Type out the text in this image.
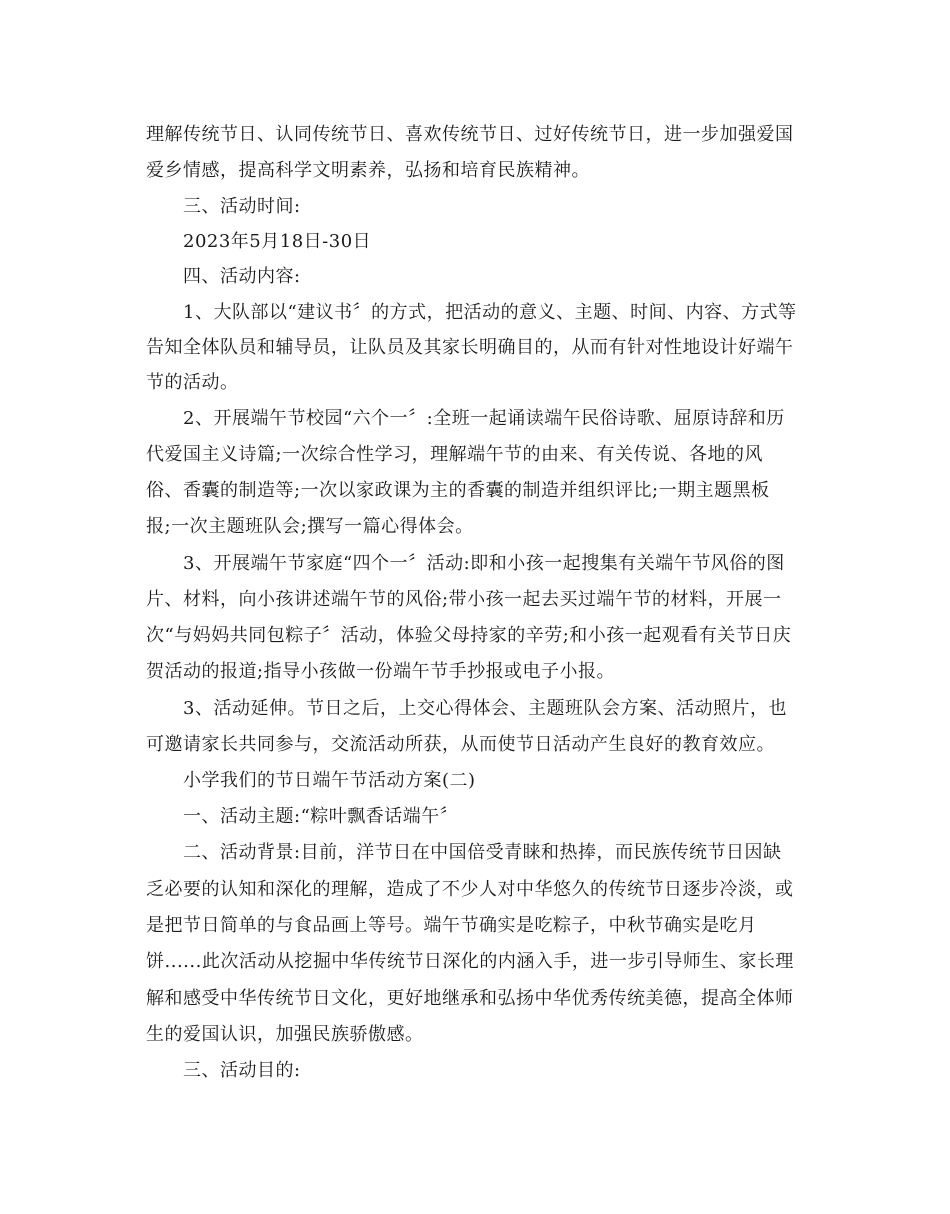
理解传统节日、认同传统节日、喜欢传统节日、过好传统节日，进一步加强爱国
爱乡情感，提高科学文明素养，弘扬和培育民族精神。
三、活动时间:
2023年5月18日-30日
四、活动内容:
1、大队部以“建议书〞的方式，把活动的意义、主题、时间、内容、方式等
告知全体队员和辅导员，让队员及其家长明确目的，从而有针对性地设计好端午
节的活动。
2、开展端午节校园“六个一〞:全班一起诵读端午民俗诗歌、屈原诗辞和历
代爱国主义诗篇;一次综合性学习，理解端午节的由来、有关传说、各地的风
俗、香囊的制造等;一次以家政课为主的香囊的制造并组织评比;一期主题黑板
报;一次主题班队会;撰写一篇心得体会。
3、开展端午节家庭“四个一〞活动:即和小孩一起搜集有关端午节风俗的图
片、材料，向小孩讲述端午节的风俗;带小孩一起去买过端午节的材料，开展一
次“与妈妈共同包粽子〞活动，体验父母持家的辛劳;和小孩一起观看有关节日庆
贺活动的报道;指导小孩做一份端午节手抄报或电子小报。
3、活动延伸。节日之后，上交心得体会、主题班队会方案、活动照片，也
可邀请家长共同参与，交流活动所获，从而使节日活动产生良好的教育效应。
小学我们的节日端午节活动方案(二)
一、活动主题:“粽叶飘香话端午〞
二、活动背景:目前，洋节日在中国倍受青睐和热捧，而民族传统节日因缺
乏必要的认知和深化的理解，造成了不少人对中华悠久的传统节日逐步冷淡，或
是把节日简单的与食品画上等号。端午节确实是吃粽子，中秋节确实是吃月
饼......此次活动从挖掘中华传统节日深化的内涵入手，进一步引导师生、家长理
解和感受中华传统节日文化，更好地继承和弘扬中华优秀传统美德，提高全体师
生的爱国认识，加强民族骄傲感。
三、活动目的:
